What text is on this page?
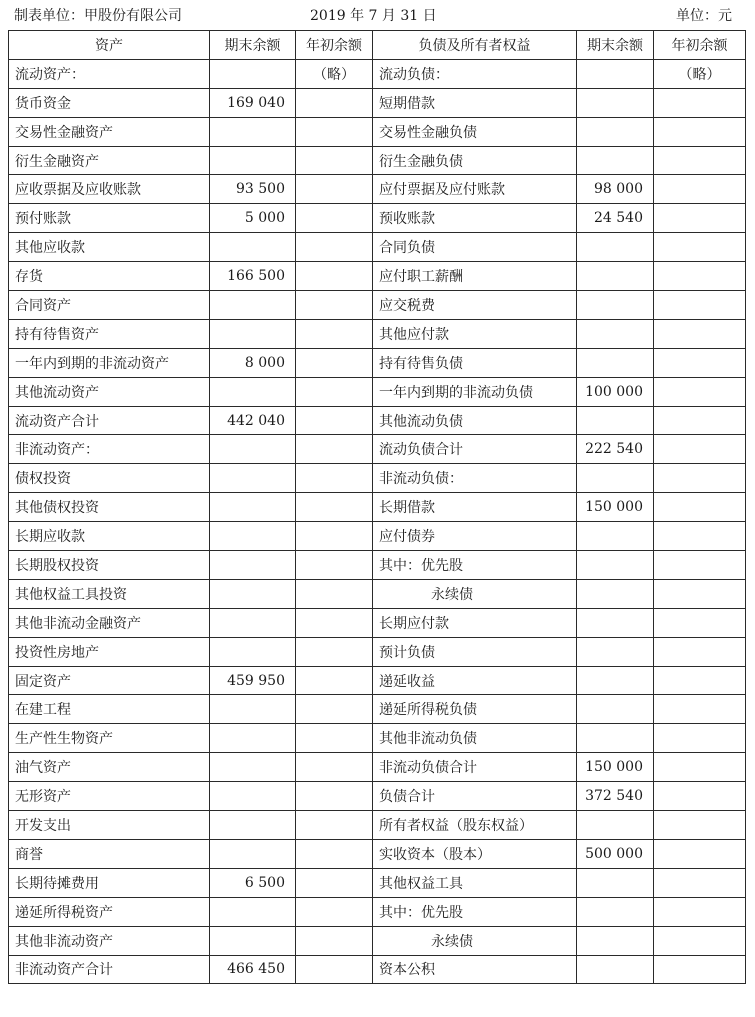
制表单位：甲股份有限公司	2019 年 7 月 31 日	单位：元
资产	期末余额	年初余额	负债及所有者权益	期末余额	年初余额
流动资产：		（略）	流动负债：		（略）
货币资金	169 040		短期借款		
交易性金融资产			交易性金融负债		
衍生金融资产			衍生金融负债		
应收票据及应收账款	93 500		应付票据及应付账款	98 000	
预付账款	5 000		预收账款	24 540	
其他应收款			合同负债		
存货	166 500		应付职工薪酬		
合同资产			应交税费		
持有待售资产			其他应付款		
一年内到期的非流动资产	8 000		持有待售负债		
其他流动资产			一年内到期的非流动负债	100 000	
流动资产合计	442 040		其他流动负债		
非流动资产：			流动负债合计	222 540	
债权投资			非流动负债：		
其他债权投资			长期借款	150 000	
长期应收款			应付债券		
长期股权投资			其中：优先股		
其他权益工具投资			永续债		
其他非流动金融资产			长期应付款		
投资性房地产			预计负债		
固定资产	459 950		递延收益		
在建工程			递延所得税负债		
生产性生物资产			其他非流动负债		
油气资产			非流动负债合计	150 000	
无形资产			负债合计	372 540	
开发支出			所有者权益（股东权益）		
商誉			实收资本（股本）	500 000	
长期待摊费用	6 500		其他权益工具		
递延所得税资产			其中：优先股		
其他非流动资产			永续债		
非流动资产合计	466 450		资本公积		
